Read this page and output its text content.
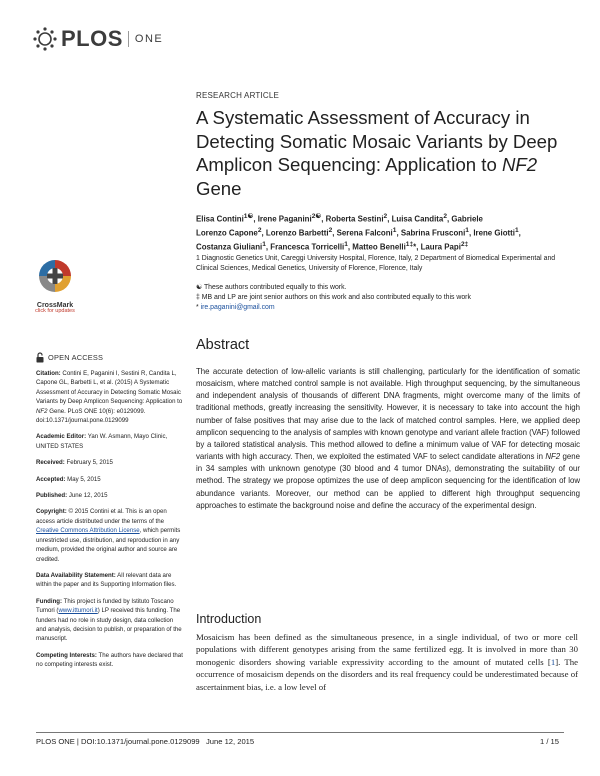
PLOS ONE
RESEARCH ARTICLE
A Systematic Assessment of Accuracy in Detecting Somatic Mosaic Variants by Deep Amplicon Sequencing: Application to NF2 Gene
Elisa Contini$^{1☯}$, Irene Paganini$^{2☯}$, Roberta Sestini$^2$, Luisa Candita$^2$, Gabriele
Lorenzo Capone$^2$, Lorenzo Barbetti$^2$, Serena Falconi$^1$, Sabrina Frusconi$^1$, Irene Giotti$^1$,
Costanza Giuliani$^1$, Francesca Torricelli$^1$, Matteo Benelli$^{1\ddagger}$*, Laura Papi$^{2\ddagger}$
1 Diagnostic Genetics Unit, Careggi University Hospital, Florence, Italy, 2 Department of Biomedical Experimental and Clinical Sciences, Medical Genetics, University of Florence, Florence, Italy
☯ These authors contributed equally to this work.
‡ MB and LP are joint senior authors on this work and also contributed equally to this work
* ire.paganini@gmail.com
CrossMark
click for updates
OPEN ACCESS

Citation: Contini E, Paganini I, Sestini R, Candita L, Capone GL, Barbetti L, et al. (2015) A Systematic Assessment of Accuracy in Detecting Somatic Mosaic Variants by Deep Amplicon Sequencing: Application to NF2 Gene. PLoS ONE 10(6): e0129099. doi:10.1371/journal.pone.0129099

Academic Editor: Yan W. Asmann, Mayo Clinic, UNITED STATES

Received: February 5, 2015

Accepted: May 5, 2015

Published: June 12, 2015

Copyright: © 2015 Contini et al. This is an open access article distributed under the terms of the Creative Commons Attribution License, which permits unrestricted use, distribution, and reproduction in any medium, provided the original author and source are credited.

Data Availability Statement: All relevant data are within the paper and its Supporting Information files.

Funding: This project is funded by Istituto Toscano Tumori (www.ittumori.it) LP received this funding. The funders had no role in study design, data collection and analysis, decision to publish, or preparation of the manuscript.

Competing Interests: The authors have declared that no competing interests exist.

Abstract
The accurate detection of low-allelic variants is still challenging, particularly for the identification of somatic mosaicism, where matched control sample is not available. High throughput sequencing, by the simultaneous and independent analysis of thousands of different DNA fragments, might overcome many of the limits of traditional methods, greatly increasing the sensitivity. However, it is necessary to take into account the high number of false positives that may arise due to the lack of matched control samples. Here, we applied deep amplicon sequencing to the analysis of samples with known genotype and variant allele fraction (VAF) followed by a tailored statistical analysis. This method allowed to define a minimum value of VAF for detecting mosaic variants with high accuracy. Then, we exploited the estimated VAF to select candidate alterations in NF2 gene in 34 samples with unknown genotype (30 blood and 4 tumor DNAs), demonstrating the suitability of our method. The strategy we propose optimizes the use of deep amplicon sequencing for the identification of low abundance variants. Moreover, our method can be applied to different high throughput sequencing approaches to estimate the background noise and define the accuracy of the experimental design.
Introduction
Mosaicism has been defined as the simultaneous presence, in a single individual, of two or more cell populations with different genotypes arising from the same fertilized egg. It is involved in more than 30 monogenic disorders showing variable expressivity according to the amount of mutated cells [1]. The occurrence of mosaicism depends on the disorders and its real frequency could be underestimated because of ascertainment bias, i.e. a low level of
PLOS ONE | DOI:10.1371/journal.pone.0129099   June 12, 2015	1 / 15
